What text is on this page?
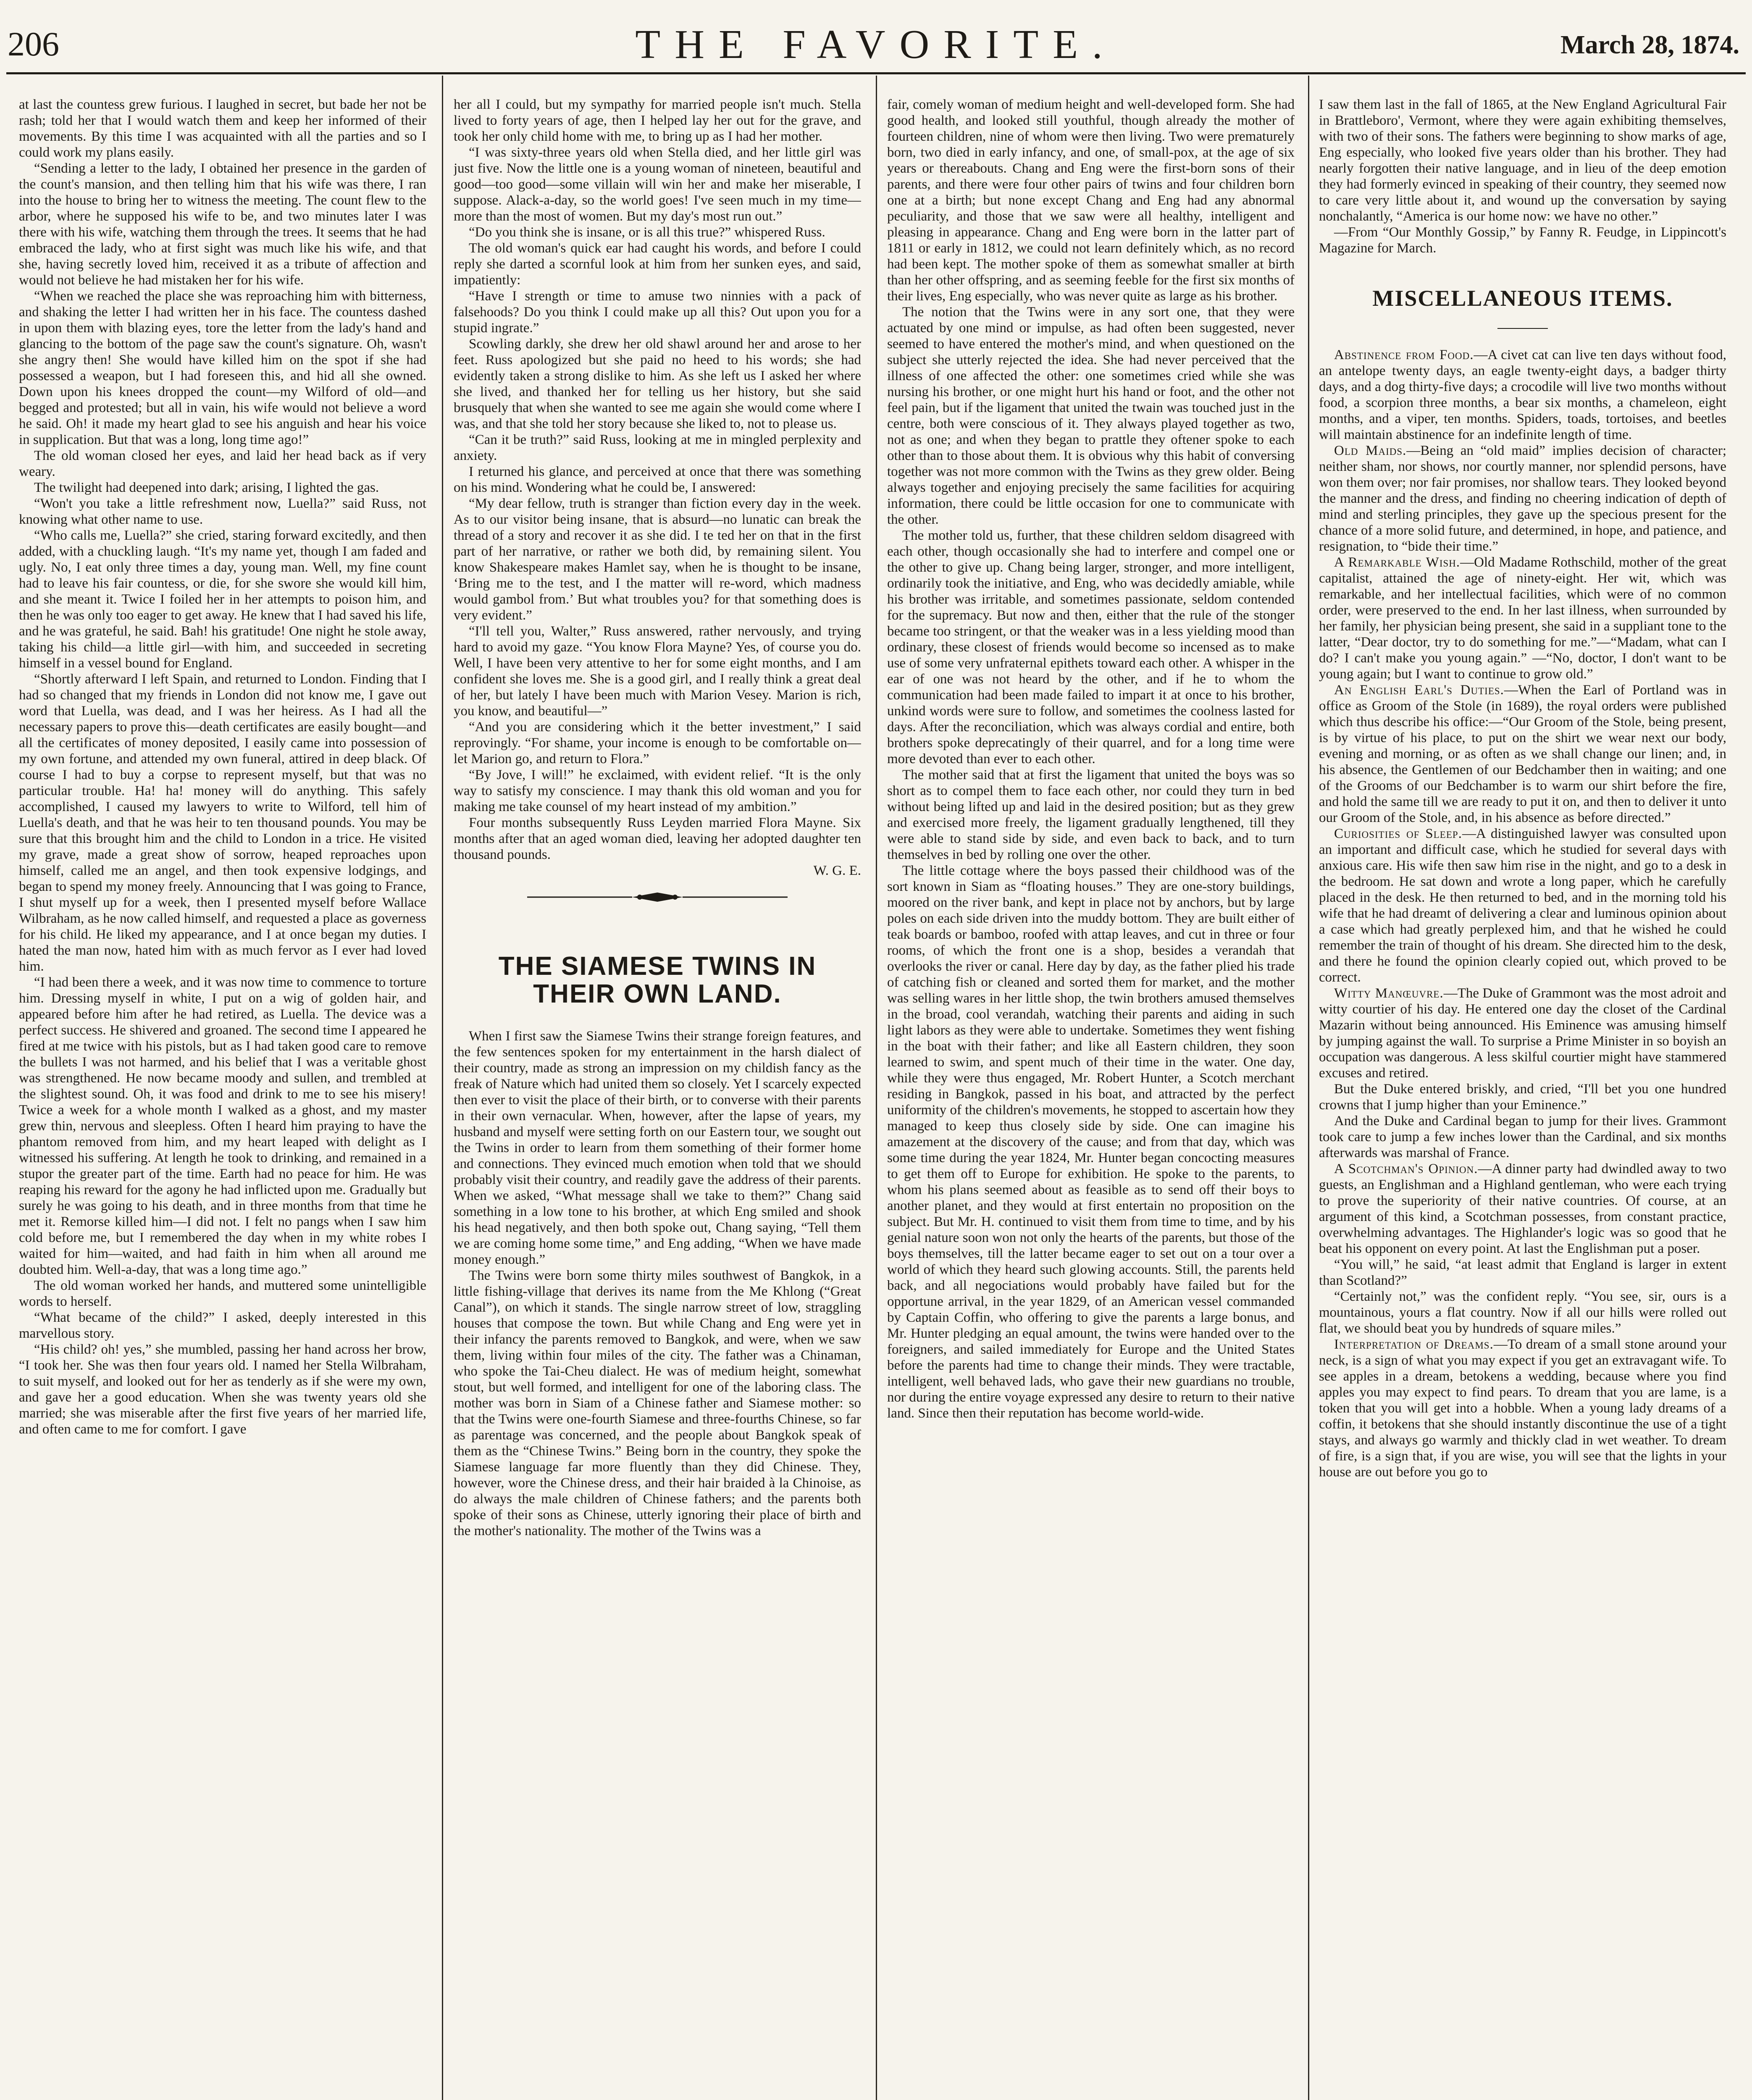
206	THE FAVORITE.	March 28, 1874.

at last the countess grew furious. I laughed in secret, but bade her not be rash; told her that I would watch them and keep her informed of their movements. By this time I was acquainted with all the parties and so I could work my plans easily.

“Sending a letter to the lady, I obtained her presence in the garden of the count's mansion, and then telling him that his wife was there, I ran into the house to bring her to witness the meeting. The count flew to the arbor, where he supposed his wife to be, and two minutes later I was there with his wife, watching them through the trees. It seems that he had embraced the lady, who at first sight was much like his wife, and that she, having secretly loved him, received it as a tribute of affection and would not believe he had mistaken her for his wife.

“When we reached the place she was reproaching him with bitterness, and shaking the letter I had written her in his face. The countess dashed in upon them with blazing eyes, tore the letter from the lady's hand and glancing to the bottom of the page saw the count's signature. Oh, wasn't she angry then! She would have killed him on the spot if she had possessed a weapon, but I had foreseen this, and hid all she owned. Down upon his knees dropped the count—my Wilford of old—and begged and protested; but all in vain, his wife would not believe a word he said. Oh! it made my heart glad to see his anguish and hear his voice in supplication. But that was a long, long time ago!”

The old woman closed her eyes, and laid her head back as if very weary.

The twilight had deepened into dark; arising, I lighted the gas.

“Won't you take a little refreshment now, Luella?” said Russ, not knowing what other name to use.

“Who calls me, Luella?” she cried, staring forward excitedly, and then added, with a chuckling laugh. “It's my name yet, though I am faded and ugly. No, I eat only three times a day, young man. Well, my fine count had to leave his fair countess, or die, for she swore she would kill him, and she meant it. Twice I foiled her in her attempts to poison him, and then he was only too eager to get away. He knew that I had saved his life, and he was grateful, he said. Bah! his gratitude! One night he stole away, taking his child—a little girl—with him, and succeeded in secreting himself in a vessel bound for England.

“Shortly afterward I left Spain, and returned to London. Finding that I had so changed that my friends in London did not know me, I gave out word that Luella, was dead, and I was her heiress. As I had all the necessary papers to prove this—death certificates are easily bought—and all the certificates of money deposited, I easily came into possession of my own fortune, and attended my own funeral, attired in deep black. Of course I had to buy a corpse to represent myself, but that was no particular trouble. Ha! ha! money will do anything. This safely accomplished, I caused my lawyers to write to Wilford, tell him of Luella's death, and that he was heir to ten thousand pounds. You may be sure that this brought him and the child to London in a trice. He visited my grave, made a great show of sorrow, heaped reproaches upon himself, called me an angel, and then took expensive lodgings, and began to spend my money freely. Announcing that I was going to France, I shut myself up for a week, then I presented myself before Wallace Wilbraham, as he now called himself, and requested a place as governess for his child. He liked my appearance, and I at once began my duties. I hated the man now, hated him with as much fervor as I ever had loved him.

“I had been there a week, and it was now time to commence to torture him. Dressing myself in white, I put on a wig of golden hair, and appeared before him after he had retired, as Luella. The device was a perfect success. He shivered and groaned. The second time I appeared he fired at me twice with his pistols, but as I had taken good care to remove the bullets I was not harmed, and his belief that I was a veritable ghost was strengthened. He now became moody and sullen, and trembled at the slightest sound. Oh, it was food and drink to me to see his misery! Twice a week for a whole month I walked as a ghost, and my master grew thin, nervous and sleepless. Often I heard him praying to have the phantom removed from him, and my heart leaped with delight as I witnessed his suffering. At length he took to drinking, and remained in a stupor the greater part of the time. Earth had no peace for him. He was reaping his reward for the agony he had inflicted upon me. Gradually but surely he was going to his death, and in three months from that time he met it. Remorse killed him—I did not. I felt no pangs when I saw him cold before me, but I remembered the day when in my white robes I waited for him—waited, and had faith in him when all around me doubted him. Well-a-day, that was a long time ago.”

The old woman worked her hands, and muttered some unintelligible words to herself.

“What became of the child?” I asked, deeply interested in this marvellous story.

“His child? oh! yes,” she mumbled, passing her hand across her brow, “I took her. She was then four years old. I named her Stella Wilbraham, to suit myself, and looked out for her as tenderly as if she were my own, and gave her a good education. When she was twenty years old she married; she was miserable after the first five years of her married life, and often came to me for comfort. I gave

her all I could, but my sympathy for married people isn't much. Stella lived to forty years of age, then I helped lay her out for the grave, and took her only child home with me, to bring up as I had her mother.

“I was sixty-three years old when Stella died, and her little girl was just five. Now the little one is a young woman of nineteen, beautiful and good—too good—some villain will win her and make her miserable, I suppose. Alack-a-day, so the world goes! I've seen much in my time—more than the most of women. But my day's most run out.”

“Do you think she is insane, or is all this true?” whispered Russ.

The old woman's quick ear had caught his words, and before I could reply she darted a scornful look at him from her sunken eyes, and said, impatiently:

“Have I strength or time to amuse two ninnies with a pack of falsehoods? Do you think I could make up all this? Out upon you for a stupid ingrate.”

Scowling darkly, she drew her old shawl around her and arose to her feet. Russ apologized but she paid no heed to his words; she had evidently taken a strong dislike to him. As she left us I asked her where she lived, and thanked her for telling us her history, but she said brusquely that when she wanted to see me again she would come where I was, and that she told her story because she liked to, not to please us.

“Can it be truth?” said Russ, looking at me in mingled perplexity and anxiety.

I returned his glance, and perceived at once that there was something on his mind. Wondering what he could be, I answered:

“My dear fellow, truth is stranger than fiction every day in the week. As to our visitor being insane, that is absurd—no lunatic can break the thread of a story and recover it as she did. I te ted her on that in the first part of her narrative, or rather we both did, by remaining silent. You know Shakespeare makes Hamlet say, when he is thought to be insane, ‘Bring me to the test, and I the matter will re-word, which madness would gambol from.’ But what troubles you? for that something does is very evident.”

“I'll tell you, Walter,” Russ answered, rather nervously, and trying hard to avoid my gaze. “You know Flora Mayne? Yes, of course you do. Well, I have been very attentive to her for some eight months, and I am confident she loves me. She is a good girl, and I really think a great deal of her, but lately I have been much with Marion Vesey. Marion is rich, you know, and beautiful—”

“And you are considering which it the better investment,” I said reprovingly. “For shame, your income is enough to be comfortable on—let Marion go, and return to Flora.”

“By Jove, I will!” he exclaimed, with evident relief. “It is the only way to satisfy my conscience. I may thank this old woman and you for making me take counsel of my heart instead of my ambition.”

Four months subsequently Russ Leyden married Flora Mayne. Six months after that an aged woman died, leaving her adopted daughter ten thousand pounds.

W. G. E.

THE SIAMESE TWINS IN THEIR OWN LAND.

When I first saw the Siamese Twins their strange foreign features, and the few sentences spoken for my entertainment in the harsh dialect of their country, made as strong an impression on my childish fancy as the freak of Nature which had united them so closely. Yet I scarcely expected then ever to visit the place of their birth, or to converse with their parents in their own vernacular. When, however, after the lapse of years, my husband and myself were setting forth on our Eastern tour, we sought out the Twins in order to learn from them something of their former home and connections. They evinced much emotion when told that we should probably visit their country, and readily gave the address of their parents. When we asked, “What message shall we take to them?” Chang said something in a low tone to his brother, at which Eng smiled and shook his head negatively, and then both spoke out, Chang saying, “Tell them we are coming home some time,” and Eng adding, “When we have made money enough.”

The Twins were born some thirty miles southwest of Bangkok, in a little fishing-village that derives its name from the Me Khlong (“Great Canal”), on which it stands. The single narrow street of low, straggling houses that compose the town. But while Chang and Eng were yet in their infancy the parents removed to Bangkok, and were, when we saw them, living within four miles of the city. The father was a Chinaman, who spoke the Tai-Cheu dialect. He was of medium height, somewhat stout, but well formed, and intelligent for one of the laboring class. The mother was born in Siam of a Chinese father and Siamese mother: so that the Twins were one-fourth Siamese and three-fourths Chinese, so far as parentage was concerned, and the people about Bangkok speak of them as the “Chinese Twins.” Being born in the country, they spoke the Siamese language far more fluently than they did Chinese. They, however, wore the Chinese dress, and their hair braided à la Chinoise, as do always the male children of Chinese fathers; and the parents both spoke of their sons as Chinese, utterly ignoring their place of birth and the mother's nationality. The mother of the Twins was a

fair, comely woman of medium height and well-developed form. She had good health, and looked still youthful, though already the mother of fourteen children, nine of whom were then living. Two were prematurely born, two died in early infancy, and one, of small-pox, at the age of six years or thereabouts. Chang and Eng were the first-born sons of their parents, and there were four other pairs of twins and four children born one at a birth; but none except Chang and Eng had any abnormal peculiarity, and those that we saw were all healthy, intelligent and pleasing in appearance. Chang and Eng were born in the latter part of 1811 or early in 1812, we could not learn definitely which, as no record had been kept. The mother spoke of them as somewhat smaller at birth than her other offspring, and as seeming feeble for the first six months of their lives, Eng especially, who was never quite as large as his brother.

The notion that the Twins were in any sort one, that they were actuated by one mind or impulse, as had often been suggested, never seemed to have entered the mother's mind, and when questioned on the subject she utterly rejected the idea. She had never perceived that the illness of one affected the other: one sometimes cried while she was nursing his brother, or one might hurt his hand or foot, and the other not feel pain, but if the ligament that united the twain was touched just in the centre, both were conscious of it. They always played together as two, not as one; and when they began to prattle they oftener spoke to each other than to those about them. It is obvious why this habit of conversing together was not more common with the Twins as they grew older. Being always together and enjoying precisely the same facilities for acquiring information, there could be little occasion for one to communicate with the other.

The mother told us, further, that these children seldom disagreed with each other, though occasionally she had to interfere and compel one or the other to give up. Chang being larger, stronger, and more intelligent, ordinarily took the initiative, and Eng, who was decidedly amiable, while his brother was irritable, and sometimes passionate, seldom contended for the supremacy. But now and then, either that the rule of the stonger became too stringent, or that the weaker was in a less yielding mood than ordinary, these closest of friends would become so incensed as to make use of some very unfraternal epithets toward each other. A whisper in the ear of one was not heard by the other, and if he to whom the communication had been made failed to impart it at once to his brother, unkind words were sure to follow, and sometimes the coolness lasted for days. After the reconciliation, which was always cordial and entire, both brothers spoke deprecatingly of their quarrel, and for a long time were more devoted than ever to each other.

The mother said that at first the ligament that united the boys was so short as to compel them to face each other, nor could they turn in bed without being lifted up and laid in the desired position; but as they grew and exercised more freely, the ligament gradually lengthened, till they were able to stand side by side, and even back to back, and to turn themselves in bed by rolling one over the other.

The little cottage where the boys passed their childhood was of the sort known in Siam as “floating houses.” They are one-story buildings, moored on the river bank, and kept in place not by anchors, but by large poles on each side driven into the muddy bottom. They are built either of teak boards or bamboo, roofed with attap leaves, and cut in three or four rooms, of which the front one is a shop, besides a verandah that overlooks the river or canal. Here day by day, as the father plied his trade of catching fish or cleaned and sorted them for market, and the mother was selling wares in her little shop, the twin brothers amused themselves in the broad, cool verandah, watching their parents and aiding in such light labors as they were able to undertake. Sometimes they went fishing in the boat with their father; and like all Eastern children, they soon learned to swim, and spent much of their time in the water. One day, while they were thus engaged, Mr. Robert Hunter, a Scotch merchant residing in Bangkok, passed in his boat, and attracted by the perfect uniformity of the children's movements, he stopped to ascertain how they managed to keep thus closely side by side. One can imagine his amazement at the discovery of the cause; and from that day, which was some time during the year 1824, Mr. Hunter began concocting measures to get them off to Europe for exhibition. He spoke to the parents, to whom his plans seemed about as feasible as to send off their boys to another planet, and they would at first entertain no proposition on the subject. But Mr. H. continued to visit them from time to time, and by his genial nature soon won not only the hearts of the parents, but those of the boys themselves, till the latter became eager to set out on a tour over a world of which they heard such glowing accounts. Still, the parents held back, and all negociations would probably have failed but for the opportune arrival, in the year 1829, of an American vessel commanded by Captain Coffin, who offering to give the parents a large bonus, and Mr. Hunter pledging an equal amount, the twins were handed over to the foreigners, and sailed immediately for Europe and the United States before the parents had time to change their minds. They were tractable, intelligent, well behaved lads, who gave their new guardians no trouble, nor during the entire voyage expressed any desire to return to their native land. Since then their reputation has become world-wide.

I saw them last in the fall of 1865, at the New England Agricultural Fair in Brattleboro', Vermont, where they were again exhibiting themselves, with two of their sons. The fathers were beginning to show marks of age, Eng especially, who looked five years older than his brother. They had nearly forgotten their native language, and in lieu of the deep emotion they had formerly evinced in speaking of their country, they seemed now to care very little about it, and wound up the conversation by saying nonchalantly, “America is our home now: we have no other.”

—From “Our Monthly Gossip,” by Fanny R. Feudge, in Lippincott's Magazine for March.

MISCELLANEOUS ITEMS.

Abstinence from Food.—A civet cat can live ten days without food, an antelope twenty days, an eagle twenty-eight days, a badger thirty days, and a dog thirty-five days; a crocodile will live two months without food, a scorpion three months, a bear six months, a chameleon, eight months, and a viper, ten months. Spiders, toads, tortoises, and beetles will maintain abstinence for an indefinite length of time.

Old Maids.—Being an “old maid” implies decision of character; neither sham, nor shows, nor courtly manner, nor splendid persons, have won them over; nor fair promises, nor shallow tears. They looked beyond the manner and the dress, and finding no cheering indication of depth of mind and sterling principles, they gave up the specious present for the chance of a more solid future, and determined, in hope, and patience, and resignation, to “bide their time.”

A Remarkable Wish.—Old Madame Rothschild, mother of the great capitalist, attained the age of ninety-eight. Her wit, which was remarkable, and her intellectual facilities, which were of no common order, were preserved to the end. In her last illness, when surrounded by her family, her physician being present, she said in a suppliant tone to the latter, “Dear doctor, try to do something for me.”—“Madam, what can I do? I can't make you young again.” —“No, doctor, I don't want to be young again; but I want to continue to grow old.”

An English Earl's Duties.—When the Earl of Portland was in office as Groom of the Stole (in 1689), the royal orders were published which thus describe his office:—“Our Groom of the Stole, being present, is by virtue of his place, to put on the shirt we wear next our body, evening and morning, or as often as we shall change our linen; and, in his absence, the Gentlemen of our Bedchamber then in waiting; and one of the Grooms of our Bedchamber is to warm our shirt before the fire, and hold the same till we are ready to put it on, and then to deliver it unto our Groom of the Stole, and, in his absence as before directed.”

Curiosities of Sleep.—A distinguished lawyer was consulted upon an important and difficult case, which he studied for several days with anxious care. His wife then saw him rise in the night, and go to a desk in the bedroom. He sat down and wrote a long paper, which he carefully placed in the desk. He then returned to bed, and in the morning told his wife that he had dreamt of delivering a clear and luminous opinion about a case which had greatly perplexed him, and that he wished he could remember the train of thought of his dream. She directed him to the desk, and there he found the opinion clearly copied out, which proved to be correct.

Witty Manœuvre.—The Duke of Grammont was the most adroit and witty courtier of his day. He entered one day the closet of the Cardinal Mazarin without being announced. His Eminence was amusing himself by jumping against the wall. To surprise a Prime Minister in so boyish an occupation was dangerous. A less skilful courtier might have stammered excuses and retired.

But the Duke entered briskly, and cried, “I'll bet you one hundred crowns that I jump higher than your Eminence.”

And the Duke and Cardinal began to jump for their lives. Grammont took care to jump a few inches lower than the Cardinal, and six months afterwards was marshal of France.

A Scotchman's Opinion.—A dinner party had dwindled away to two guests, an Englishman and a Highland gentleman, who were each trying to prove the superiority of their native countries. Of course, at an argument of this kind, a Scotchman possesses, from constant practice, overwhelming advantages. The Highlander's logic was so good that he beat his opponent on every point. At last the Englishman put a poser.

“You will,” he said, “at least admit that England is larger in extent than Scotland?”

“Certainly not,” was the confident reply. “You see, sir, ours is a mountainous, yours a flat country. Now if all our hills were rolled out flat, we should beat you by hundreds of square miles.”

Interpretation of Dreams.—To dream of a small stone around your neck, is a sign of what you may expect if you get an extravagant wife. To see apples in a dream, betokens a wedding, because where you find apples you may expect to find pears. To dream that you are lame, is a token that you will get into a hobble. When a young lady dreams of a coffin, it betokens that she should instantly discontinue the use of a tight stays, and always go warmly and thickly clad in wet weather. To dream of fire, is a sign that, if you are wise, you will see that the lights in your house are out before you go to
